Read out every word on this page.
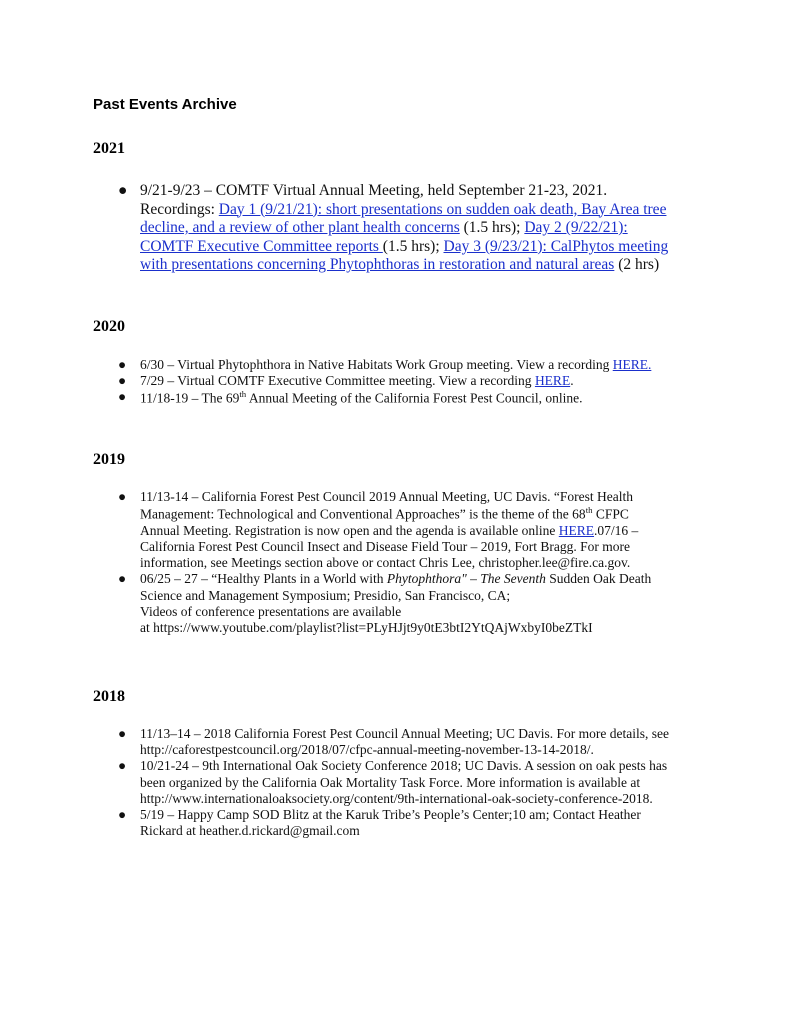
Past Events Archive
2021
● 9/21-9/23 – COMTF Virtual Annual Meeting, held September 21-23, 2021. Recordings: Day 1 (9/21/21): short presentations on sudden oak death, Bay Area tree decline, and a review of other plant health concerns (1.5 hrs); Day 2 (9/22/21): COMTF Executive Committee reports (1.5 hrs); Day 3 (9/23/21): CalPhytos meeting with presentations concerning Phytophthoras in restoration and natural areas (2 hrs)
2020
● 6/30 – Virtual Phytophthora in Native Habitats Work Group meeting. View a recording HERE.
● 7/29 – Virtual COMTF Executive Committee meeting. View a recording HERE.
● 11/18-19 – The 69th Annual Meeting of the California Forest Pest Council, online.
2019
● 11/13-14 – California Forest Pest Council 2019 Annual Meeting, UC Davis. “Forest Health Management: Technological and Conventional Approaches” is the theme of the 68th CFPC Annual Meeting. Registration is now open and the agenda is available online HERE.07/16 – California Forest Pest Council Insect and Disease Field Tour – 2019, Fort Bragg. For more information, see Meetings section above or contact Chris Lee, christopher.lee@fire.ca.gov.
● 06/25 – 27 – “Healthy Plants in a World with Phytophthora" – The Seventh Sudden Oak Death Science and Management Symposium; Presidio, San Francisco, CA;
Videos of conference presentations are available
at https://www.youtube.com/playlist?list=PLyHJjt9y0tE3btI2YtQAjWxbyI0beZTkI
2018
● 11/13–14 – 2018 California Forest Pest Council Annual Meeting; UC Davis. For more details, see http://caforestpestcouncil.org/2018/07/cfpc-annual-meeting-november-13-14-2018/.
● 10/21-24 – 9th International Oak Society Conference 2018; UC Davis. A session on oak pests has been organized by the California Oak Mortality Task Force. More information is available at http://www.internationaloaksociety.org/content/9th-international-oak-society-conference-2018.
● 5/19 – Happy Camp SOD Blitz at the Karuk Tribe’s People’s Center;10 am; Contact Heather Rickard at heather.d.rickard@gmail.com
